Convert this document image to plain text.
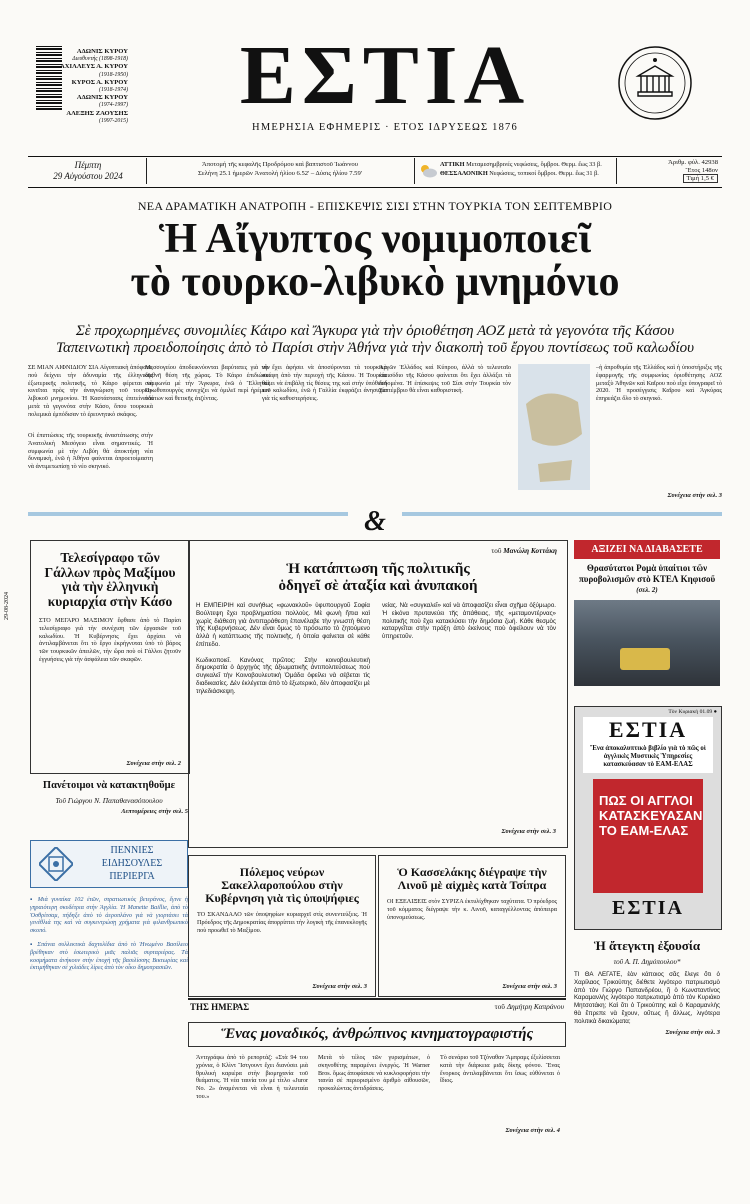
ΑΔΩΝΙΣ ΚΥΡΟΥ
Διευθυντής (1898-1918)
ΑΧΙΛΛΕΥΣ Α. ΚΥΡΟΥ
(1918-1950)
ΚΥΡΟΣ Α. ΚΥΡΟΥ
(1918-1974)
ΑΔΩΝΙΣ ΚΥΡΟΥ
(1974-1997)
ΑΛΕΞΗΣ ΖΑΟΥΣΗΣ
(1997-2015)	ΕΣΤΙΑ
ΗΜΕΡΗΣΙΑ ΕΦΗΜΕΡΙΣ · ΕΤΟΣ ΙΔΡΥΣΕΩΣ 1876
Πέμπτη
29 Αὐγούστου 2024
Ἀποτομή τῆς κεφαλῆς Προδρόμου καὶ βαπτιστοῦ Ἰωάννου
Σελήνη 25.1 ἡμερῶν Ἀνατολή ἡλίου 6.52' – Δύσις ἡλίου 7.59'
ΑΤΤΙΚΗ Μεταμεσημβρινές νεφώσεις, ὄμβροι. Θερμ. ἕως 33 β.
ΘΕΣΣΑΛΟΝΙΚΗ Νεφώσεις, τοπικοί ὄμβροι. Θερμ. ἕως 31 β.
Ἀριθμ. φύλ. 42938
Ἔτος 148ον
Τιμή 1,5 €
ΝΕΑ ΔΡΑΜΑΤΙΚΗ ΑΝΑΤΡΟΠΗ - ΕΠΙΣΚΕΨΙΣ ΣΙΣΙ ΣΤΗΝ ΤΟΥΡΚΙΑ ΤΟΝ ΣΕΠΤΕΜΒΡΙΟ
Ἡ Αἴγυπτος νομιμοποιεῖ
τὸ τουρκο-λιβυκὸ μνημόνιο
Σὲ προχωρημένες συνομιλίες Κάιρο καὶ Ἄγκυρα γιὰ τὴν ὁριοθέτηση ΑΟΖ μετὰ τὰ γεγονότα τῆς Κάσου
Ταπεινωτικὴ προειδοποίησις ἀπὸ τὸ Παρίσι στὴν Ἀθήνα γιὰ τὴν διακοπὴ τοῦ ἔργου ποντίσεως τοῦ καλωδίου
ΣΕ ΜΙΑΝ ΑΙΦΝΙΔΙΟΥ ΣΙΑ Αἰγυπτιακὴ ἀπόφασι, ποὺ δείχνει τὴν ἀδυναμία τῆς ἐλληνικῆς ἐξωτερικῆς πολιτικῆς, τὸ Κάιρο φέρεται νὰ κινεῖται πρὸς τὴν ἀναγνώριση τοῦ τουρκο-λιβυκοῦ μνημονίου. Ἡ Καστάστασις ἐπιτείνεται μετὰ τὰ γεγονότα στὴν Κάσο, ὅπου τουρκικὰ πολεμικὰ ἐμπόδισαν τὸ ἐρευνητικὸ σκάφος.
Οἱ ἐπιπτώσεις τῆς τουρκικῆς ἀναστάτωσης στὴν Ἀνατολικὴ Μεσόγειο εἶναι σημαντικές. Ἡ συμφωνία μὲ τὴν Λιβύη θὰ ἀποκτήσῃ νέα δυναμικὴ, ἐνῶ ἡ Ἀθήνα φαίνεται ἀπροετοίμαστη νὰ ἀντιμετωπίσῃ τὸ νέο σκηνικό.
Μεσσογείου ἀποδεικνύονται βαρύτατες γιὰ τὴν διεθνῆ θέση τῆς χώρας. Τὸ Κάιρο ἐπιδιώκει συμφωνία μὲ τὴν Ἄγκυρα, ἐνῶ ὁ Ἔλληνας Πρωθυπουργὸς συνεχίζει νὰ ὁμιλεῖ περὶ ἠρέμων ὑδάτων καὶ θετικῆς ἀτζέντας.
νὰ ἔχει ἀφήσει νὰ ἀποσύρονται τὰ τουρκικὰ σκάφη ἀπὸ τὴν περιοχὴ τῆς Κάσου. Ἡ Τουρκία θέλει νὰ ἐπιβάλῃ τὶς θέσεις της καὶ στὴν ὑπόθεση τοῦ καλωδίου, ἐνῶ ἡ Γαλλία ἐκφράζει ἀνησυχία γιὰ τὶς καθυστερήσεις.
Ἀργῶν Ἑλλάδος καὶ Κύπρου, ἀλλὰ τὸ τελευταῖο ἐπεισόδιο τῆς Κάσου φαίνεται ὅτι ἔχει ἀλλάξει τὰ δεδομένα. Ἡ ἐπίσκεψις τοῦ Σίσι στὴν Τουρκία τὸν Σεπτέμβριο θὰ εἶναι καθοριστική.
–ἡ ἀπροθυμία τῆς Ἑλλάδος καὶ ἡ ὑποστήριξις τῆς ἐφαρμογῆς τῆς συμφωνίας ὁριοθέτησης ΑΟΖ μεταξὺ Ἀθηνῶν καὶ Καΐρου ποὺ εἶχε ὑπογραφεῖ τὸ 2020. Ἡ προσέγγισις Καΐρου καὶ Ἀγκύρας ἐπηρεάζει ὅλο τὸ σκηνικό.
Συνέχεια στὴν σελ. 3
&
29-08-2024
Τελεσίγραφο τῶν Γάλλων πρὸς Μαξίμου γιὰ τὴν ἑλληνικὴ κυριαρχία στὴν Κάσο
ΣΤΟ ΜΕΓΑΡΟ ΜΑΞΙΜΟΥ ἔφθασε ἀπὸ τὸ Παρίσι τελεσίγραφο γιὰ τὴν συνέχιση τῶν ἐργασιῶν τοῦ καλωδίου. Ἡ Κυβέρνησις ἔχει ἀρχίσει νὰ ἀντιλαμβάνεται ὅτι τὸ ἔργο ἐκρήγνυται ὑπὸ τὸ βάρος τῶν τουρκικῶν ἀπειλῶν, τὴν ὥρα ποὺ οἱ Γάλλοι ζητοῦν ἐγγυήσεις γιὰ τὴν ἀσφάλεια τῶν σκαφῶν.
Συνέχεια στὴν σελ. 2
Πανέτοιμοι νὰ κατακτηθοῦμε
Τοῦ Γιώργου Ν. Παπαθανασόπουλου
Λεπτομέρειες στὴν σελ. 5
ΠΕΝΝΙΕΣ
ΕΙΔΗΣΟΥΛΕΣ
ΠΕΡΙΕΡΓΑ
▪ Μιὰ γυναίκα 102 ἐτῶν, στρατιωτικὸς βετεράνος, ἔγινε ἡ γηραιότερη σκυδέτρια στὴν Ἀγγλία. Ἡ Manette Baillie, ἀπὸ τὸ Ὁσθρίτσαμ, πήδηξε ἀπὸ τὸ ἀεροπλάνο γιὰ νὰ γιορτάσει τὰ γενέθλιά της καὶ νὰ συγκεντρώσῃ χρήματα γιὰ φιλανθρωπικὸ σκοπό.
▪ Σπάνια συλλεκτικὰ δαχτυλίδια ἀπὸ τὸ Ἡνωμένο Βασίλειο βρέθηκαν στὸ ἐσωτερικὸ μιᾶς παλιᾶς συρταριέρας. Τὰ κοσμήματα ἀνήκουν στὴν ἐποχὴ τῆς βασιλίσσης Βικτωρίας καὶ ἐκτιμήθηκαν σὲ χιλιάδες λίρες ἀπὸ τὸν οἶκο δημοπρασιῶν.
τοῦ Μανώλη Κοττάκη
Ἡ κατάπτωση τῆς πολιτικῆς
ὁδηγεῖ σὲ ἀταξία καὶ ἀνυπακοή
Η ΕΜΠΕΙΡΙΗ καὶ συνήθως «φωνακλοῦ» ὑφυπουργοῦ Σοφία Βούλτεψη ἔχει προβληματίσει πολλοὺς. Μὲ φωνὴ ἤπια καὶ χωρὶς διάθεση γιὰ ἀντιπαράθεση ἐπανέλαβε τὴν γνωστὴ θέση τῆς Κυβερνήσεως. Δὲν εἶναι ὅμως τὸ πρόσωπο τὸ ζητούμενο ἀλλὰ ἡ κατάπτωσις τῆς πολιτικῆς, ἡ ὁποία φαίνεται σὲ κάθε ἐπίπεδο.

Κωδικοποιεῖ. Κανόνας πρῶτος: Στὴν κοινοβουλευτικὴ δημοκρατία ὁ ἀρχηγὸς τῆς ἀξιωματικῆς ἀντιπολιτεύσεως ποὺ συγκαλεῖ τὴν Κοινοβουλευτικὴ Ὁμάδα ὀφείλει νὰ σέβεται τὶς διαδικασίες. Δὲν ἐκλέγεται ἀπὸ τὸ ἐξωτερικὸ, δὲν ἀποφασίζει μὲ τηλεδιάσκεψη.
νείας. Νὰ «συγκαλεῖ» καὶ νὰ ἀποφασίζει εἶναι σχῆμα ὀξύμωρο. Ἡ εἰκόνα πρυτανεύει τῆς ἀπάθειας, τῆς «μεταμοντέρνας» πολιτικῆς ποὺ ἔχει κατακλύσει τὴν δημόσια ζωή. Κάθε θεσμὸς καταργεῖται στὴν πράξη ἀπὸ ἐκείνους ποὺ ὀφείλουν νὰ τὸν ὑπηρετοῦν.
Συνέχεια στὴν σελ. 3
Πόλεμος νεύρων Σακελλαροπούλου στὴν Κυβέρνηση γιὰ τὶς ὑποψήφιες
ΤΟ ΣΚΑΝΔΑΛΟ τῶν ὑποψηφίων κυριαρχεῖ στὶς συνεντεύξεις. Ἡ Πρόεδρος τῆς Δημοκρατίας ἀπορρίπτει τὴν λογικὴ τῆς ἐπανεκλογῆς ποὺ προωθεῖ τὸ Μαξίμου.
Συνέχεια στὴν σελ. 3
Ὁ Κασσελάκης διέγραψε τὴν Λινοῦ μὲ αἰχμὲς κατὰ Τσίπρα
ΟΙ ΕΞΕΛΙΞΕΙΣ στὸν ΣΥΡΙΖΑ ἐκτυλίχθηκαν ταχύτατα. Ὁ πρόεδρος τοῦ κόμματος διέγραψε τὴν κ. Λινοῦ, καταγγέλλοντας ἀπόπειρα ὑπονομεύσεως.
Συνέχεια στὴν σελ. 3
ΤΗΣ ΗΜΕΡΑΣ	τοῦ Δημήτρη Καπράνου
Ἕνας μοναδικός, ἀνθρώπινος κινηματογραφιστής
Ἀντιγράφω ἀπὸ τὸ ρεπορτάζ: «Στὰ 94 του χρόνια, ὁ Κλὶντ Ἴστγουντ ἔχει διανύσει μιὰ θρυλικὴ καριέρα στὴν βιομηχανία τοῦ θεάματος. Ἡ νέα ταινία του μὲ τίτλο «Juror No. 2» ἀναμένεται νὰ εἶναι ἡ τελευταία του.»
Μετὰ τὸ τέλος τῶν γυρισμάτων, ὁ σκηνοθέτης παραμένει ἐνεργός. Ἡ Warner Bros. ὅμως ἀποφάσισε νὰ κυκλοφορήσει τὴν ταινία σὲ περιορισμένο ἀριθμὸ αἰθουσῶν, προκαλώντας ἀντιδράσεις.
Τὸ σενάριο τοῦ Τζόναθαν Ἄμπραμς ἐξελίσσεται κατὰ τὴν διάρκεια μιᾶς δίκης φόνου. Ἕνας ἔνορκος ἀντιλαμβάνεται ὅτι ἴσως εὐθύνεται ὁ ἴδιος.
Συνέχεια στὴν σελ. 4
ΑΞΙΖΕΙ ΝΑ ΔΙΑΒΑΣΕΤΕ
Θρασύτατοι Ρομὰ ὑπαίτιοι τῶν πυροβολισμῶν στὸ ΚΤΕΛ Κηφισοῦ (σελ. 2)
Τὸν Κυριακή 01.09 ●
ΕΣΤΙΑ
Ἕνα ἀποκαλυπτικὸ βιβλίο γιὰ τὸ πῶς οἱ ἀγγλικὲς Μυστικὲς Ὑπηρεσίες κατασκεύασαν τὸ ΕΑΜ-ΕΛΑΣ
ΠΩΣ ΟΙ ΑΓΓΛΟΙ ΚΑΤΑΣΚΕΥΑΣΑΝ ΤΟ ΕΑΜ-ΕΛΑΣ
ΕΣΤΙΑ
Ἡ ἄτεγκτη ἐξουσία
τοῦ Α. Π. Δημόπουλου*
ΤΙ ΘΑ ΛΕΓΑΤΕ, ἐὰν κάποιος σᾶς ἔλεγε ὅτι ὁ Χαρίλαος Τρικούπης διέθετε λιγότερο πατριωτισμὸ ἀπὸ τὸν Γιώργο Παπανδρέου, ἢ ὁ Κωνσταντίνος Καραμανλὴς λιγότερο πατριωτισμὸ ἀπὸ τὸν Κυριάκο Μητσοτάκη; Καὶ ὅτι ὁ Τρικούπης καὶ ὁ Καραμανλὴς θὰ ἔπρεπε νὰ ἔχουν, οὕτως ἢ ἄλλως, λιγότερα πολιτικὰ δικαιώματα;
Συνέχεια στὴν σελ. 3
